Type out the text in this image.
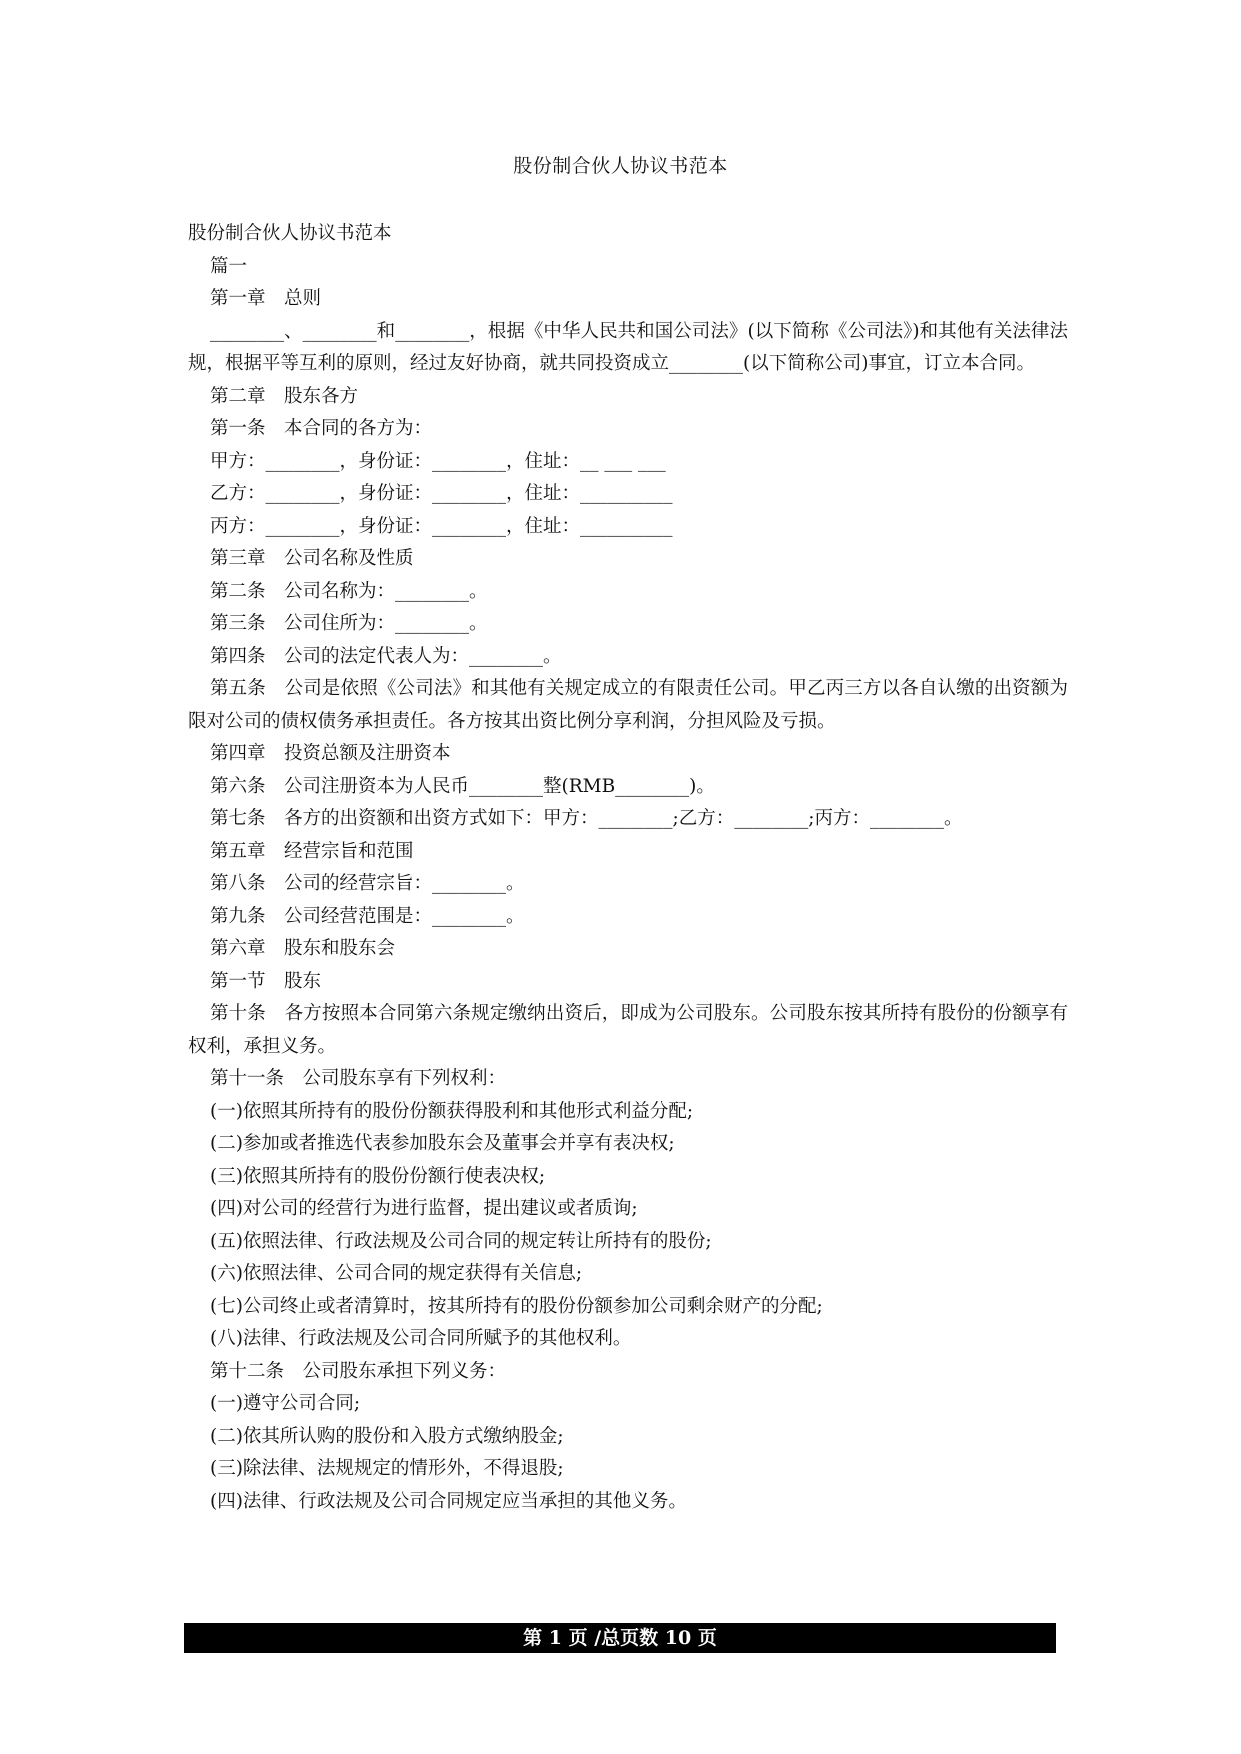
股份制合伙人协议书范本

股份制合伙人协议书范本

篇一

第一章　总则

________、________和________，根据《中华人民共和国公司法》(以下简称《公司法》)和其他有关法律法规，根据平等互利的原则，经过友好协商，就共同投资成立________(以下简称公司)事宜，订立本合同。

第二章　股东各方

第一条　本合同的各方为：

甲方：________，身份证：________，住址：__ ___ ___

乙方：________，身份证：________，住址：__________

丙方：________，身份证：________，住址：__________

第三章　公司名称及性质

第二条　公司名称为：________。

第三条　公司住所为：________。

第四条　公司的法定代表人为：________。

第五条　公司是依照《公司法》和其他有关规定成立的有限责任公司。甲乙丙三方以各自认缴的出资额为限对公司的债权债务承担责任。各方按其出资比例分享利润，分担风险及亏损。

第四章　投资总额及注册资本

第六条　公司注册资本为人民币________整(RMB________)。

第七条　各方的出资额和出资方式如下：甲方：________;乙方：________;丙方：________。

第五章　经营宗旨和范围

第八条　公司的经营宗旨：________。

第九条　公司经营范围是：________。

第六章　股东和股东会

第一节　股东

第十条　各方按照本合同第六条规定缴纳出资后，即成为公司股东。公司股东按其所持有股份的份额享有权利，承担义务。

第十一条　公司股东享有下列权利：

(一)依照其所持有的股份份额获得股利和其他形式利益分配;

(二)参加或者推选代表参加股东会及董事会并享有表决权;

(三)依照其所持有的股份份额行使表决权;

(四)对公司的经营行为进行监督，提出建议或者质询;

(五)依照法律、行政法规及公司合同的规定转让所持有的股份;

(六)依照法律、公司合同的规定获得有关信息;

(七)公司终止或者清算时，按其所持有的股份份额参加公司剩余财产的分配;

(八)法律、行政法规及公司合同所赋予的其他权利。

第十二条　公司股东承担下列义务：

(一)遵守公司合同;

(二)依其所认购的股份和入股方式缴纳股金;

(三)除法律、法规规定的情形外，不得退股;

(四)法律、行政法规及公司合同规定应当承担的其他义务。

第 1 页 /总页数 10 页
